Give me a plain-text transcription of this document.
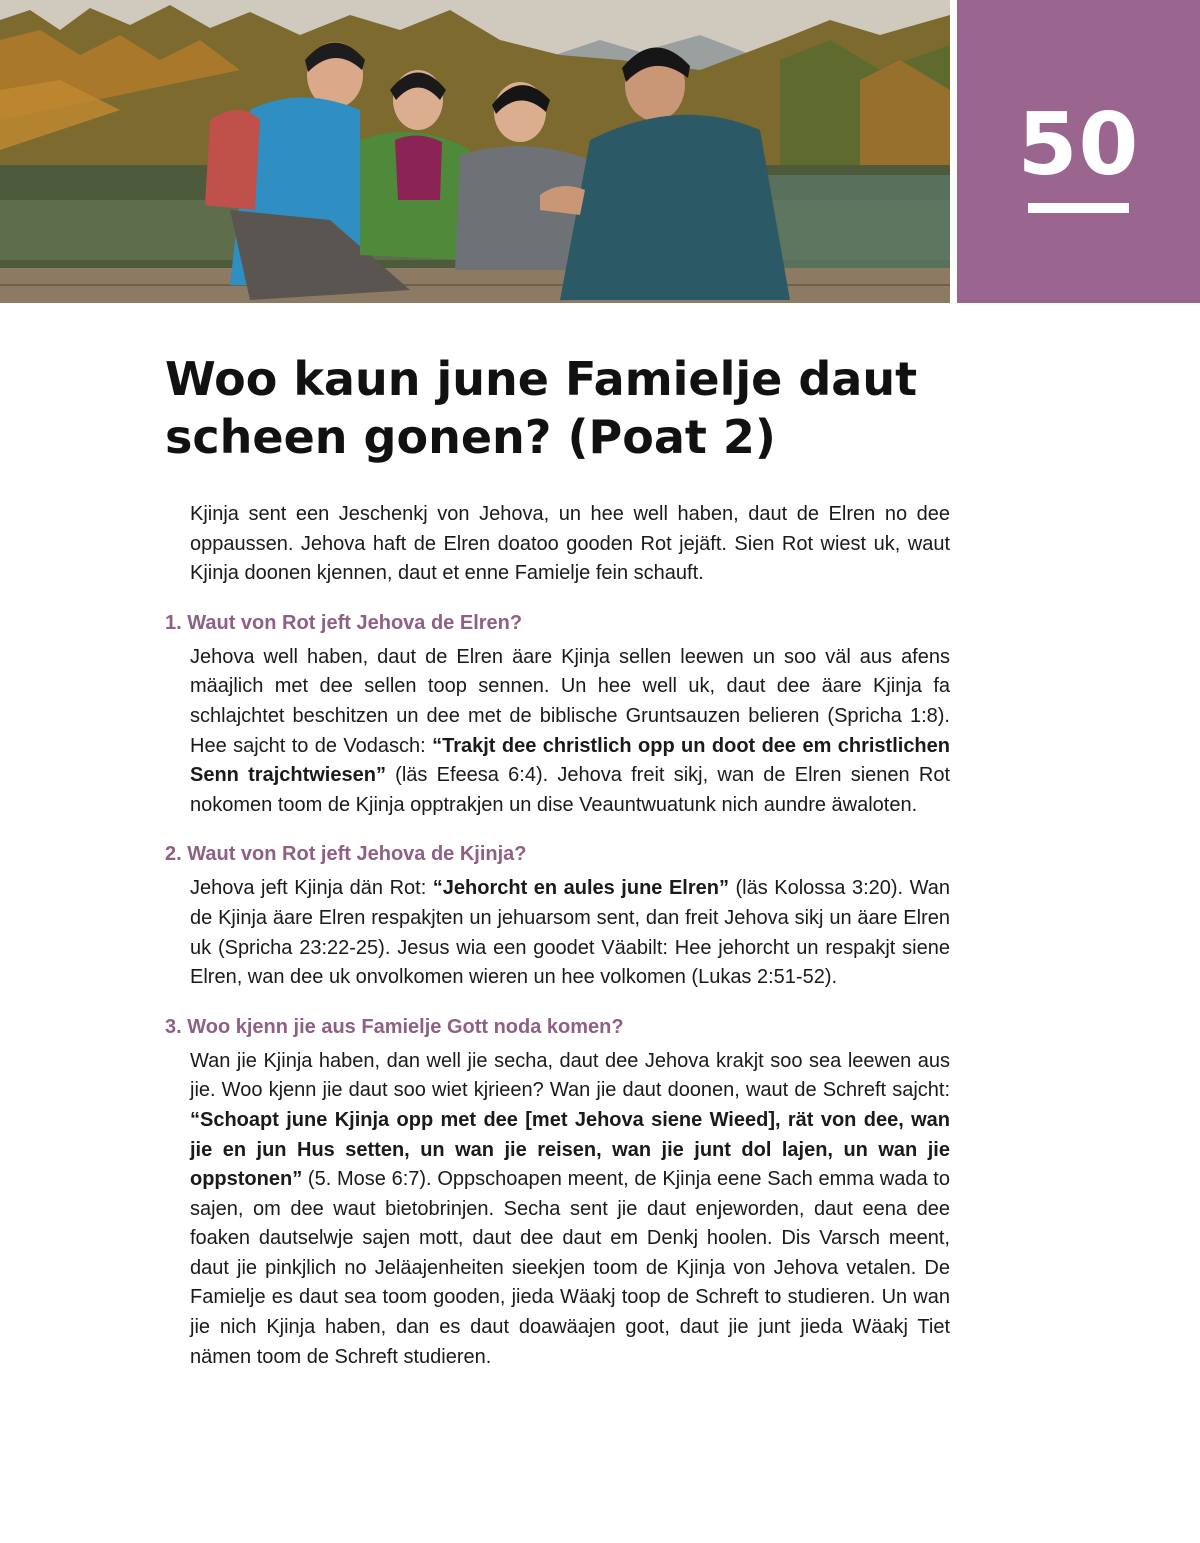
50
Woo kaun june Famielje daut scheen gonen? (Poat 2)

Kjinja sent een Jeschenkj von Jehova, un hee well haben, daut de Elren no dee oppaussen. Jehova haft de Elren doatoo gooden Rot jejäft. Sien Rot wiest uk, waut Kjinja doonen kjennen, daut et enne Famielje fein schauft.

1. Waut von Rot jeft Jehova de Elren?

Jehova well haben, daut de Elren äare Kjinja sellen leewen un soo väl aus afens mäajlich met dee sellen toop sennen. Un hee well uk, daut dee äare Kjinja fa schlajchtet beschitzen un dee met de biblische Gruntsauzen belieren (Spricha 1:8). Hee sajcht to de Vodasch: “Trakjt dee christlich opp un doot dee em christlichen Senn trajchtwiesen” (läs Efeesa 6:4). Jehova freit sikj, wan de Elren sienen Rot nokomen toom de Kjinja opptrakjen un dise Veauntwuatunk nich aundre äwaloten.

2. Waut von Rot jeft Jehova de Kjinja?

Jehova jeft Kjinja dän Rot: “Jehorcht en aules june Elren” (läs Kolossa 3:20). Wan de Kjinja äare Elren respakjten un jehuarsom sent, dan freit Jehova sikj un äare Elren uk (Spricha 23:22-25). Jesus wia een goodet Väabilt: Hee jehorcht un respakjt siene Elren, wan dee uk onvolkomen wieren un hee volkomen (Lukas 2:51-52).

3. Woo kjenn jie aus Famielje Gott noda komen?

Wan jie Kjinja haben, dan well jie secha, daut dee Jehova krakjt soo sea leewen aus jie. Woo kjenn jie daut soo wiet kjrieen? Wan jie daut doonen, waut de Schreft sajcht: “Schoapt june Kjinja opp met dee [met Jehova siene Wieed], rät von dee, wan jie en jun Hus setten, un wan jie reisen, wan jie junt dol lajen, un wan jie oppstonen” (5. Mose 6:7). Oppschoapen meent, de Kjinja eene Sach emma wada to sajen, om dee waut bietobrinjen. Secha sent jie daut enjeworden, daut eena dee foaken dautselwje sajen mott, daut dee daut em Denkj hoolen. Dis Varsch meent, daut jie pinkjlich no Jeläajenheiten sieekjen toom de Kjinja von Jehova vetalen. De Famielje es daut sea toom gooden, jieda Wäakj toop de Schreft to studieren. Un wan jie nich Kjinja haben, dan es daut doawäajen goot, daut jie junt jieda Wäakj Tiet nämen toom de Schreft studieren.
